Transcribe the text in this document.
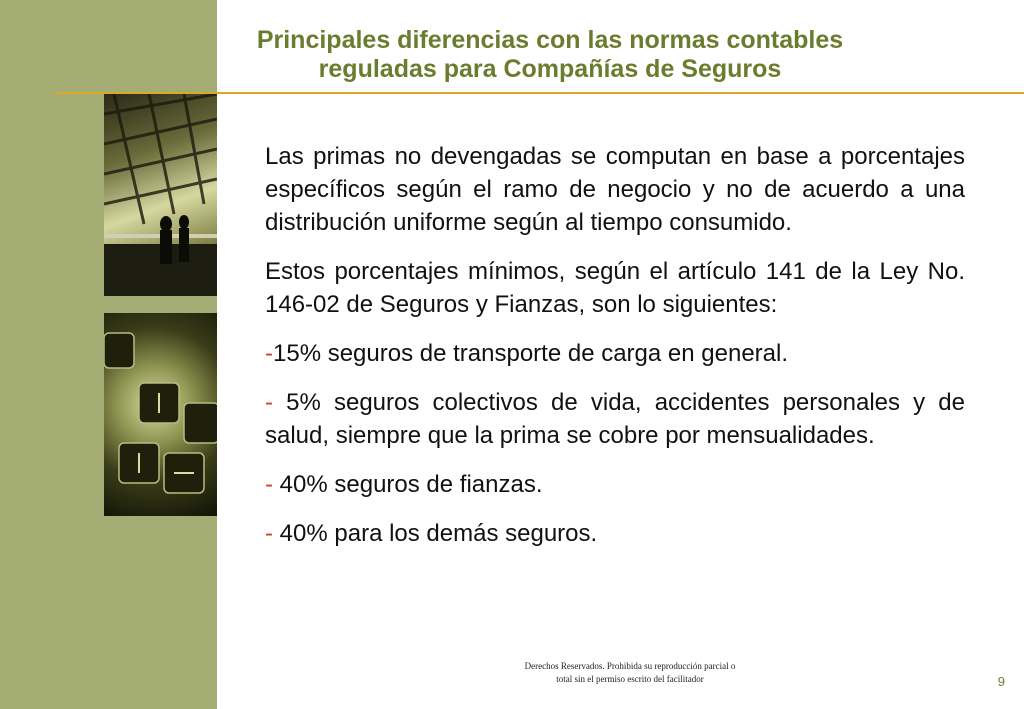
Principales diferencias con las normas contables
reguladas para Compañías de Seguros

Las primas no devengadas se computan en base a porcentajes específicos según el ramo de negocio y no de acuerdo a una distribución uniforme según al tiempo consumido.

Estos porcentajes mínimos, según el artículo 141 de la Ley No. 146-02 de Seguros y Fianzas, son lo siguientes:

-15% seguros de transporte de carga en general.

- 5% seguros colectivos de vida, accidentes personales y de salud, siempre que la prima se cobre por mensualidades.

- 40% seguros de fianzas.

- 40% para los demás seguros.

Derechos Reservados. Prohibida su reproducción parcial o
total sin el permiso escrito del facilitador	9
